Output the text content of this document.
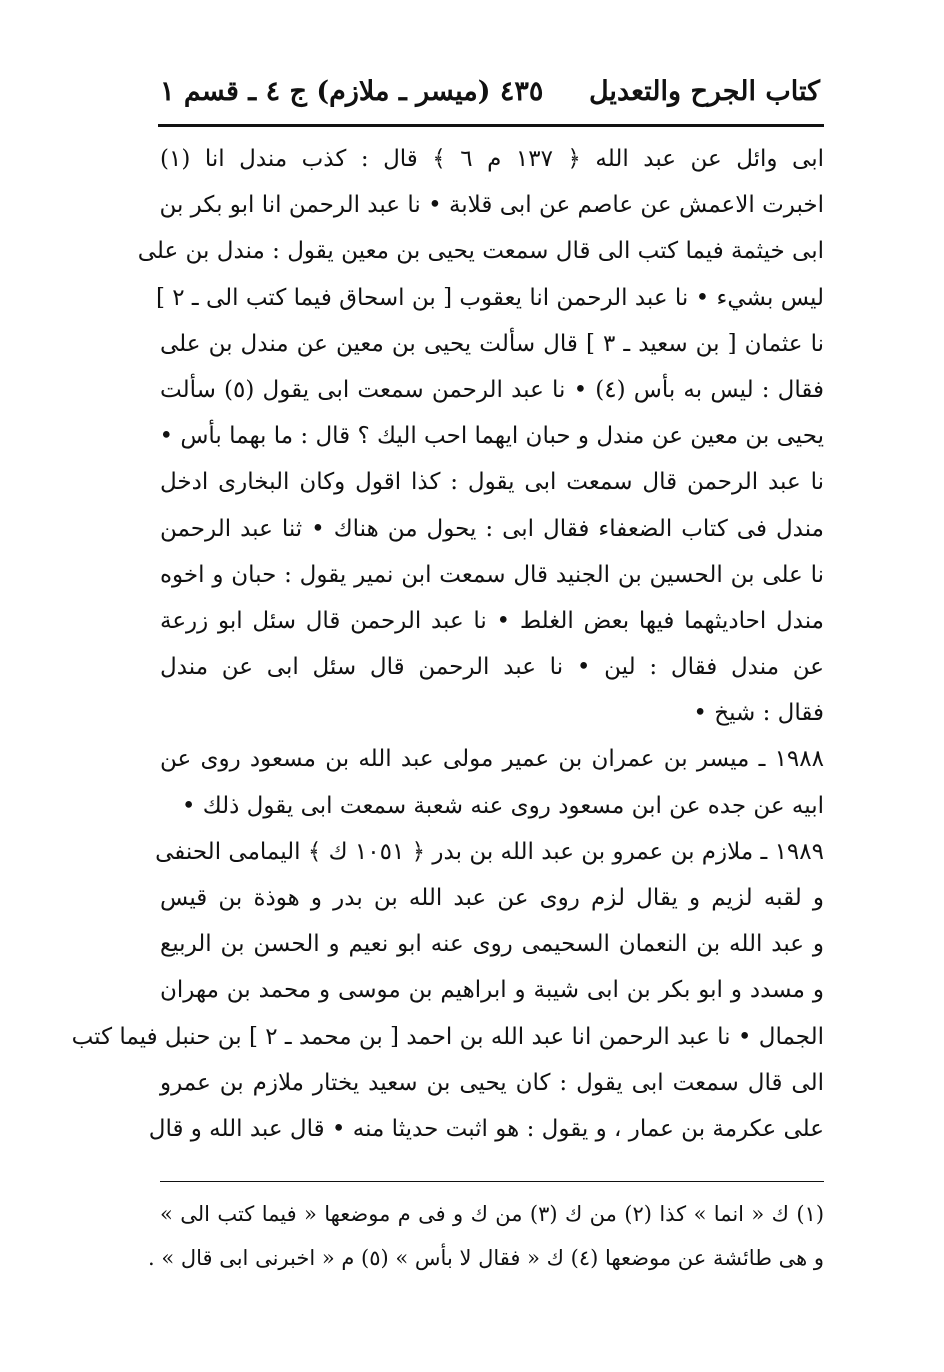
كتاب الجرح والتعديل
٤٣٥ (ميسر ـ ملازم) ج ٤ ـ قسم ١
ابى وائل عن عبد الله ﴿ ١٣٧ م ٦ ﴾ قال : كذب مندل انا (١)
اخبرت الاعمش عن عاصم عن ابى قلابة • نا عبد الرحمن انا ابو بكر بن
ابى خيثمة فيما كتب الى قال سمعت يحيى بن معين يقول : مندل بن على
ليس بشيء • نا عبد الرحمن انا يعقوب [ بن اسحاق فيما كتب الى ـ ٢ ]
نا عثمان [ بن سعيد ـ ٣ ] قال سألت يحيى بن معين عن مندل بن على
فقال : ليس به بأس (٤) • نا عبد الرحمن سمعت ابى يقول (٥) سألت
يحيى بن معين عن مندل و حبان ايهما احب اليك ؟ قال : ما بهما بأس •
نا عبد الرحمن قال سمعت ابى يقول : كذا اقول وكان البخارى ادخل
مندل فى كتاب الضعفاء فقال ابى : يحول من هناك • ثنا عبد الرحمن
نا على بن الحسين بن الجنيد قال سمعت ابن نمير يقول : حبان و اخوه
مندل احاديثهما فيها بعض الغلط • نا عبد الرحمن قال سئل ابو زرعة
عن مندل فقال : لين • نا عبد الرحمن قال سئل ابى عن مندل
فقال : شيخ •
١٩٨٨ ـ ميسر بن عمران بن عمير مولى عبد الله بن مسعود روى عن
ابيه عن جده عن ابن مسعود روى عنه شعبة سمعت ابى يقول ذلك •
١٩٨٩ ـ ملازم بن عمرو بن عبد الله بن بدر ﴿ ١٠٥١ ك ﴾ اليمامى الحنفى
و لقبه لزيم و يقال لزم روى عن عبد الله بن بدر و هوذة بن قيس
و عبد الله بن النعمان السحيمى روى عنه ابو نعيم و الحسن بن الربيع
و مسدد و ابو بكر بن ابى شيبة و ابراهيم بن موسى و محمد بن مهران
الجمال • نا عبد الرحمن انا عبد الله بن احمد [ بن محمد ـ ٢ ] بن حنبل فيما كتب
الى قال سمعت ابى يقول : كان يحيى بن سعيد يختار ملازم بن عمرو
على عكرمة بن عمار ، و يقول : هو اثبت حديثا منه • قال عبد الله و قال
(١) ك « انما » كذا (٢) من ك (٣) من ك و فى م موضعها « فيما كتب الى »
و هى طائشة عن موضعها (٤) ك « فقال لا بأس » (٥) م « اخبرنى ابى قال » .
